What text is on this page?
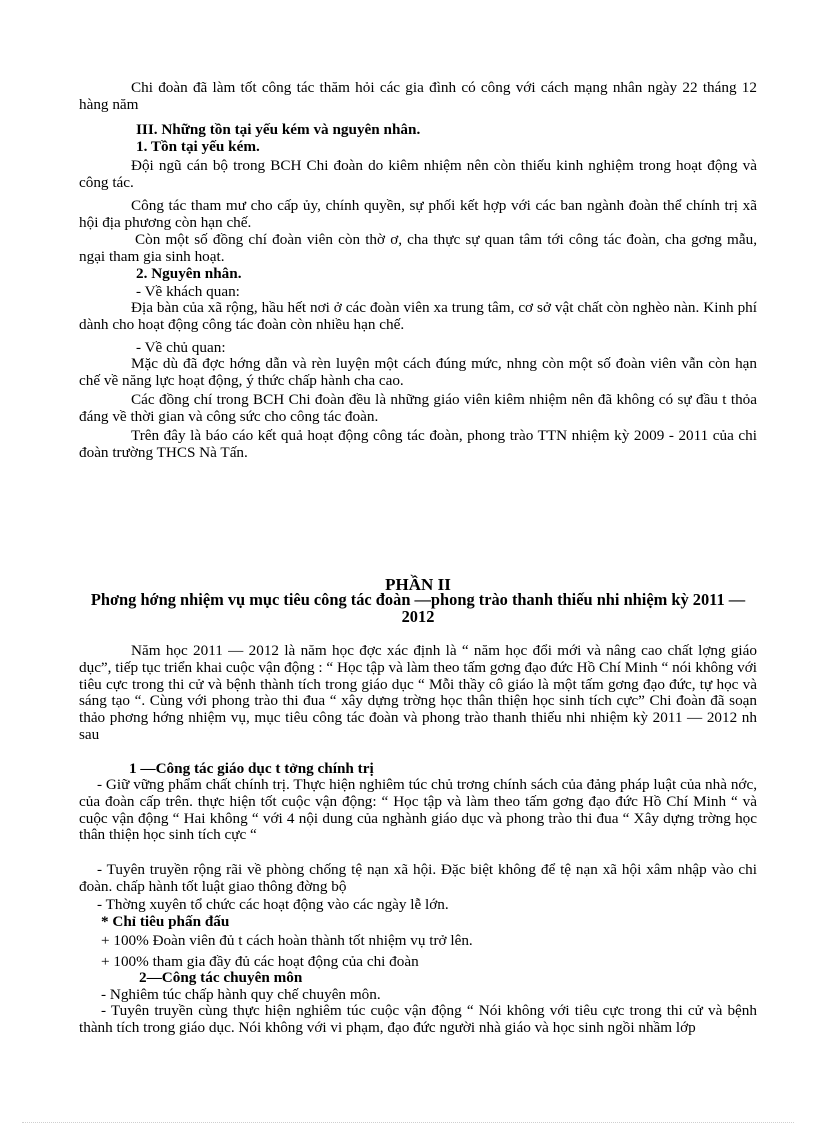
Chi đoàn đã làm tốt công tác thăm hỏi các gia đình có công với cách mạng nhân ngày 22 tháng 12 hàng năm

III. Những tồn tại yếu kém và nguyên nhân.

1. Tồn tại yếu kém.

Đội ngũ cán bộ trong BCH Chi đoàn do kiêm nhiệm nên còn thiếu kinh nghiệm trong hoạt động và công tác.

Công tác tham mư cho cấp ủy, chính quyền, sự phối kết hợp với các ban ngành đoàn thể chính trị xã hội địa phương còn hạn chế.

Còn một số đồng chí đoàn viên còn thờ ơ, cha thực sự quan tâm tới công tác đoàn, cha gơng mẫu, ngại tham gia sinh hoạt.

2. Nguyên nhân.

- Về khách quan:

Địa bàn của xã rộng, hầu hết nơi ở các đoàn viên xa trung tâm, cơ sở vật chất còn nghèo nàn. Kinh phí dành cho hoạt động công tác đoàn còn nhiều hạn chế.

- Về chủ quan:

Mặc dù đã đợc hớng dẫn và rèn luyện một cách đúng mức, nhng còn một số đoàn viên vẫn còn hạn chế về năng lực hoạt động, ý thức chấp hành cha cao.

Các đồng chí trong BCH Chi đoàn đều là những giáo viên kiêm nhiệm nên đã không có sự đầu t thỏa đáng về thời gian và công sức cho công tác đoàn.

Trên đây là báo cáo kết quả hoạt động công tác đoàn, phong trào TTN nhiệm kỳ 2009 - 2011 của chi đoàn trường THCS Nà Tấn.

PHẦN II

Phơng hớng nhiệm vụ mục tiêu công tác đoàn —phong trào thanh thiếu nhi nhiệm kỳ 2011 —2012

Năm học 2011 — 2012 là năm học đợc xác định là “ năm học đổi mới và nâng cao chất lợng giáo dục”, tiếp tục triển khai cuộc vận động : “ Học tập và làm theo tấm gơng đạo đức Hồ Chí Minh “ nói không với tiêu cực trong thi cử và bệnh thành tích trong giáo dục “ Mỗi thầy cô giáo là một tấm gơng đạo đức, tự học và sáng tạo “. Cùng với phong trào thi đua “ xây dựng trờng học thân thiện học sinh tích cực” Chi đoàn đã soạn thảo phơng hớng nhiệm vụ, mục tiêu công tác đoàn và phong trào thanh thiếu nhi nhiệm kỳ 2011 — 2012 nh sau

1 —Công tác giáo dục t tởng chính trị

- Giữ vững phẩm chất chính trị. Thực hiện nghiêm túc chủ trơng chính sách của đảng pháp luật của nhà nớc, của đoàn cấp trên. thực hiện tốt cuộc vận động: “ Học tập và làm theo tấm gơng đạo đức Hồ Chí Minh “ và cuộc vận động “ Hai không “ với 4 nội dung của nghành giáo dục và phong trào thi đua “ Xây dựng trờng học thân thiện học sinh tích cực “

- Tuyên truyền rộng rãi về phòng chống tệ nạn xã hội. Đặc biệt không để tệ nạn xã hội xâm nhập vào chi đoàn. chấp hành tốt luật giao thông đờng bộ

- Thờng xuyên tổ chức các hoạt động vào các ngày lễ lớn.

* Chỉ tiêu phấn đấu

+ 100% Đoàn viên đủ t cách hoàn thành tốt nhiệm vụ trở lên.

+ 100% tham gia đầy đủ các hoạt động của chi đoàn

2—Công tác chuyên môn

- Nghiêm túc chấp hành quy chế chuyên môn.

- Tuyên truyền cùng thực hiện nghiêm túc cuộc vận động “ Nói không với tiêu cực trong thi cử và bệnh thành tích trong giáo dục. Nói không với vi phạm, đạo đức người nhà giáo và học sinh ngồi nhầm lớp
